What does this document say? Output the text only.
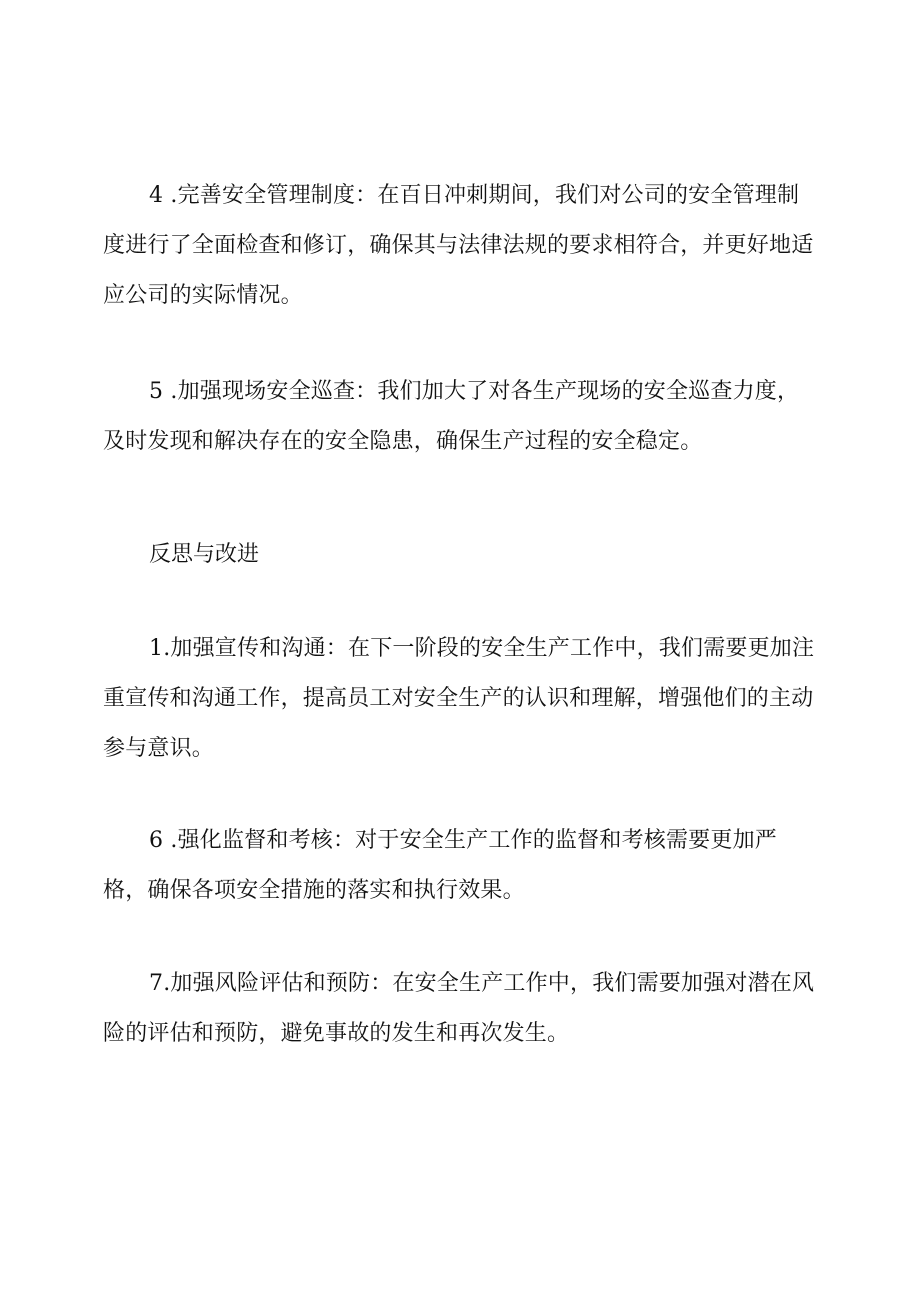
4 .完善安全管理制度：在百日冲刺期间，我们对公司的安全管理制度进行了全面检查和修订，确保其与法律法规的要求相符合，并更好地适应公司的实际情况。

5 .加强现场安全巡查：我们加大了对各生产现场的安全巡查力度，及时发现和解决存在的安全隐患，确保生产过程的安全稳定。

反思与改进

1.加强宣传和沟通：在下一阶段的安全生产工作中，我们需要更加注重宣传和沟通工作，提高员工对安全生产的认识和理解，增强他们的主动参与意识。

6 .强化监督和考核：对于安全生产工作的监督和考核需要更加严格，确保各项安全措施的落实和执行效果。

7.加强风险评估和预防：在安全生产工作中，我们需要加强对潜在风险的评估和预防，避免事故的发生和再次发生。
